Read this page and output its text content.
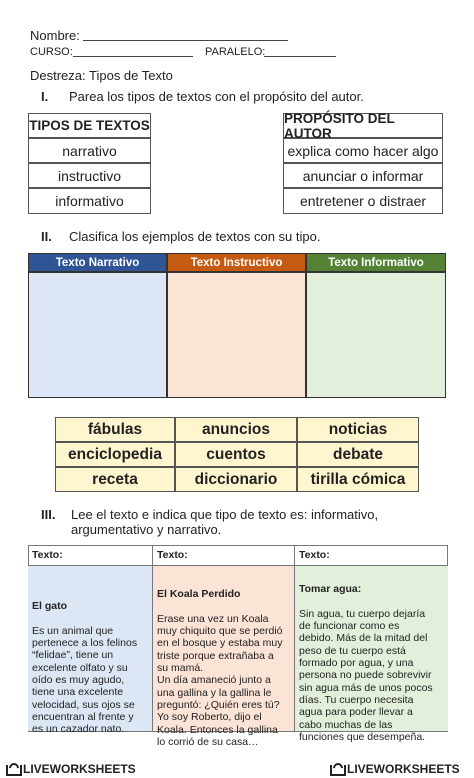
Nombre:
CURSO:	PARALELO:
Destreza: Tipos de Texto
I. Parea los tipos de textos con el propósito del autor.
TIPOS DE TEXTOS
narrativo
instructivo
informativo
PROPÓSITO DEL AUTOR
explica como hacer algo
anunciar o informar
entretener o distraer
II. Clasifica los ejemplos de textos con su tipo.
Texto Narrativo	Texto Instructivo	Texto Informativo
fábulas	anuncios	noticias
enciclopedia	cuentos	debate
receta	diccionario	tirilla cómica
III. Lee el texto e indica que tipo de texto es: informativo,
argumentativo y narrativo.
Texto:	Texto:	Texto:

El gato

Es un animal que
pertenece a los felinos
“felidae”, tiene un
excelente olfato y su
oído es muy agudo,
tiene una excelente
velocidad, sus ojos se
encuentran al frente y
es un cazador nato.

El Koala Perdido

Erase una vez un Koala
muy chiquito que se perdió
en el bosque y estaba muy
triste porque extrañaba a
su mamá.
Un día amaneció junto a
una gallina y la gallina le
preguntó: ¿Quién eres tú?
Yo soy Roberto, dijo el
Koala. Entonces la gallina
lo corrió de su casa…

Tomar agua:

Sin agua, tu cuerpo dejaría
de funcionar como es
debido. Más de la mitad del
peso de tu cuerpo está
formado por agua, y una
persona no puede sobrevivir
sin agua más de unos pocos
días. Tu cuerpo necesita
agua para poder llevar a
cabo muchas de las
funciones que desempeña.

LIVEWORKSHEETS	LIVEWORKSHEETS
